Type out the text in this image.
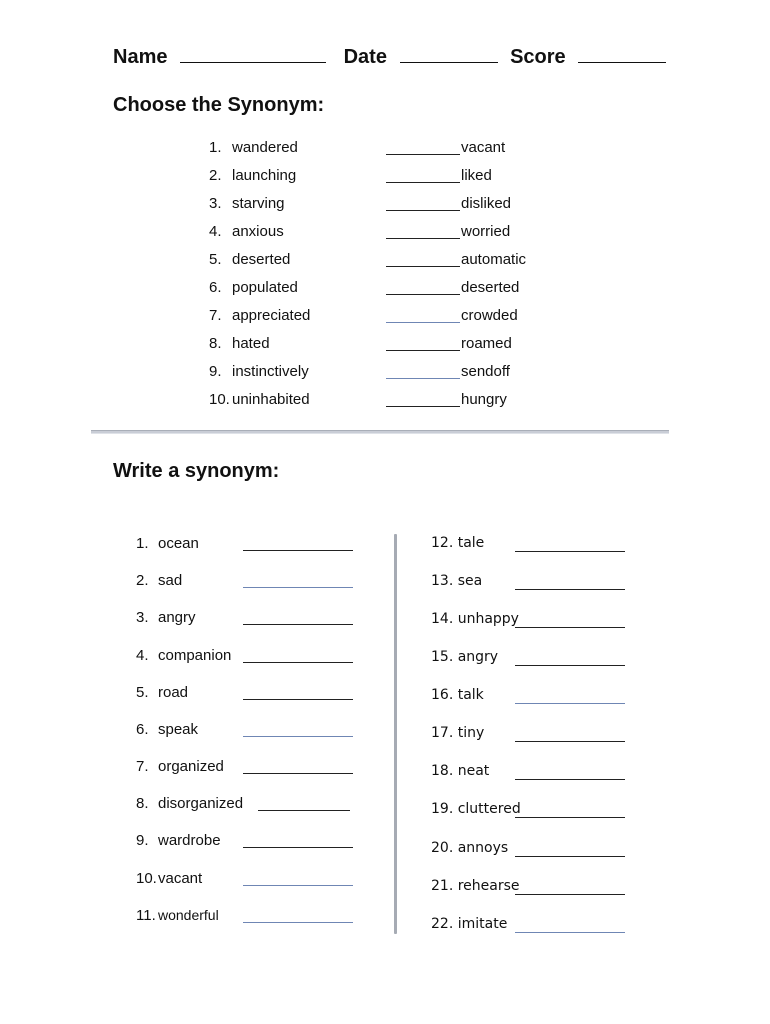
Name	Date	Score
Choose the Synonym:
1. wandered	vacant
2. launching	liked
3. starving	disliked
4. anxious	worried
5. deserted	automatic
6. populated	deserted
7. appreciated	crowded
8. hated	roamed
9. instinctively	sendoff
10. uninhabited	hungry
Write a synonym:
1. ocean
2. sad
3. angry
4. companion
5. road
6. speak
7. organized
8. disorganized
9. wardrobe
10. vacant
11. wonderful
12. tale
13. sea
14. unhappy
15. angry
16. talk
17. tiny
18. neat
19. cluttered
20. annoys
21. rehearse
22. imitate
